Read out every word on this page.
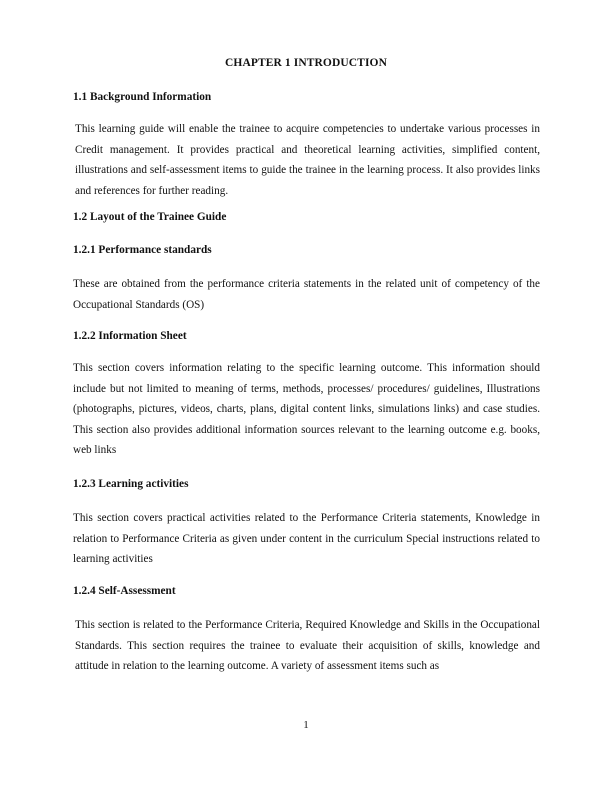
CHAPTER 1 INTRODUCTION
1.1 Background Information
This learning guide will enable the trainee to acquire competencies to undertake various processes in Credit management. It provides practical and theoretical learning activities, simplified content, illustrations and self-assessment items to guide the trainee in the learning process. It also provides links and references for further reading.
1.2 Layout of the Trainee Guide
1.2.1 Performance standards
These are obtained from the performance criteria statements in the related unit of competency of the Occupational Standards (OS)
1.2.2 Information Sheet
This section covers information relating to the specific learning outcome. This information should include but not limited to meaning of terms, methods, processes/ procedures/ guidelines, Illustrations (photographs, pictures, videos, charts, plans, digital content links, simulations links) and case studies. This section also provides additional information sources relevant to the learning outcome e.g. books, web links
1.2.3 Learning activities
This section covers practical activities related to the Performance Criteria statements, Knowledge in relation to Performance Criteria as given under content in the curriculum Special instructions related to learning activities
1.2.4 Self-Assessment
This section is related to the Performance Criteria, Required Knowledge and Skills in the Occupational Standards. This section requires the trainee to evaluate their acquisition of skills, knowledge and attitude in relation to the learning outcome. A variety of assessment items such as
1
